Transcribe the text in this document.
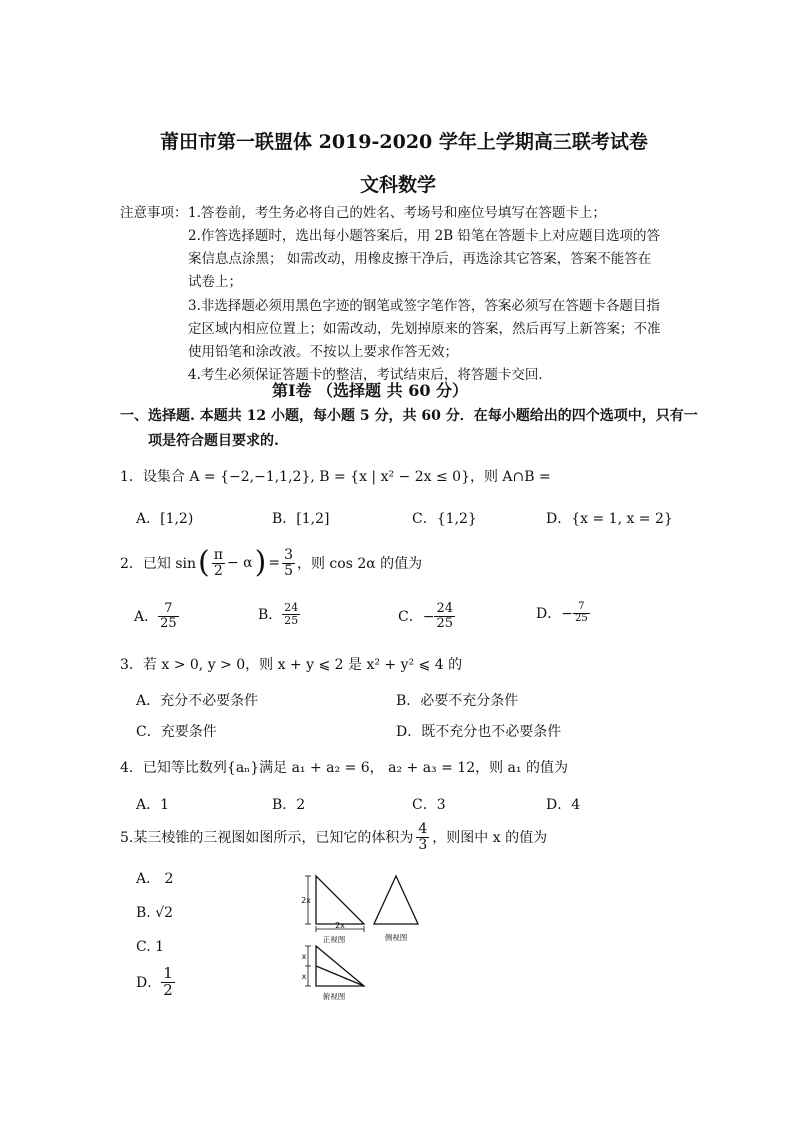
莆田市第一联盟体 2019-2020 学年上学期高三联考试卷
文科数学
注意事项： 1.答卷前，考生务必将自己的姓名、考场号和座位号填写在答题卡上；
2.作答选择题时，选出每小题答案后，用 2B 铅笔在答题卡上对应题目选项的答
案信息点涂黑； 如需改动，用橡皮擦干净后，再选涂其它答案，答案不能答在
试卷上；
3.非选择题必须用黑色字迹的钢笔或签字笔作答，答案必须写在答题卡各题目指
定区域内相应位置上；如需改动，先划掉原来的答案，然后再写上新答案；不准
使用铅笔和涂改液。不按以上要求作答无效；
4.考生必须保证答题卡的整洁，考试结束后，将答题卡交回．
第Ⅰ卷 （选择题 共 60 分）
一、选择题. 本题共 12 小题，每小题 5 分，共 60 分．在每小题给出的四个选项中，只有一
项是符合题目要求的.
1．设集合 A = {−2,−1,1,2}, B = {x | x² − 2x ≤ 0}，则 A∩B =
A．[1,2)	B．[1,2]	C．{1,2}	D．{x = 1, x = 2}
2．已知 sin ( $\frac{\pi}{2} - \alpha$ ) = $\frac{3}{5}$ ，则 cos 2α 的值为
A． $\frac{7}{25}$	B． $\frac{24}{25}$	C．− $\frac{24}{25}$	D．− $\frac{7}{25}$
3．若 x > 0, y > 0，则 x + y ⩽ 2 是 x² + y² ⩽ 4 的
A．充分不必要条件	B．必要不充分条件
C．充要条件	D．既不充分也不必要条件
4．已知等比数列{aₙ}满足 a₁ + a₂ = 6， a₂ + a₃ = 12，则 a₁ 的值为
A．1	B．2	C．3	D．4
5.某三棱锥的三视图如图所示，已知它的体积为 $\frac{4}{3}$ ，则图中 x 的值为
A． 2
B. √2
C. 1
D． $\frac{1}{2}$
2x
2x
正视图	侧视图
x
x
俯视图
